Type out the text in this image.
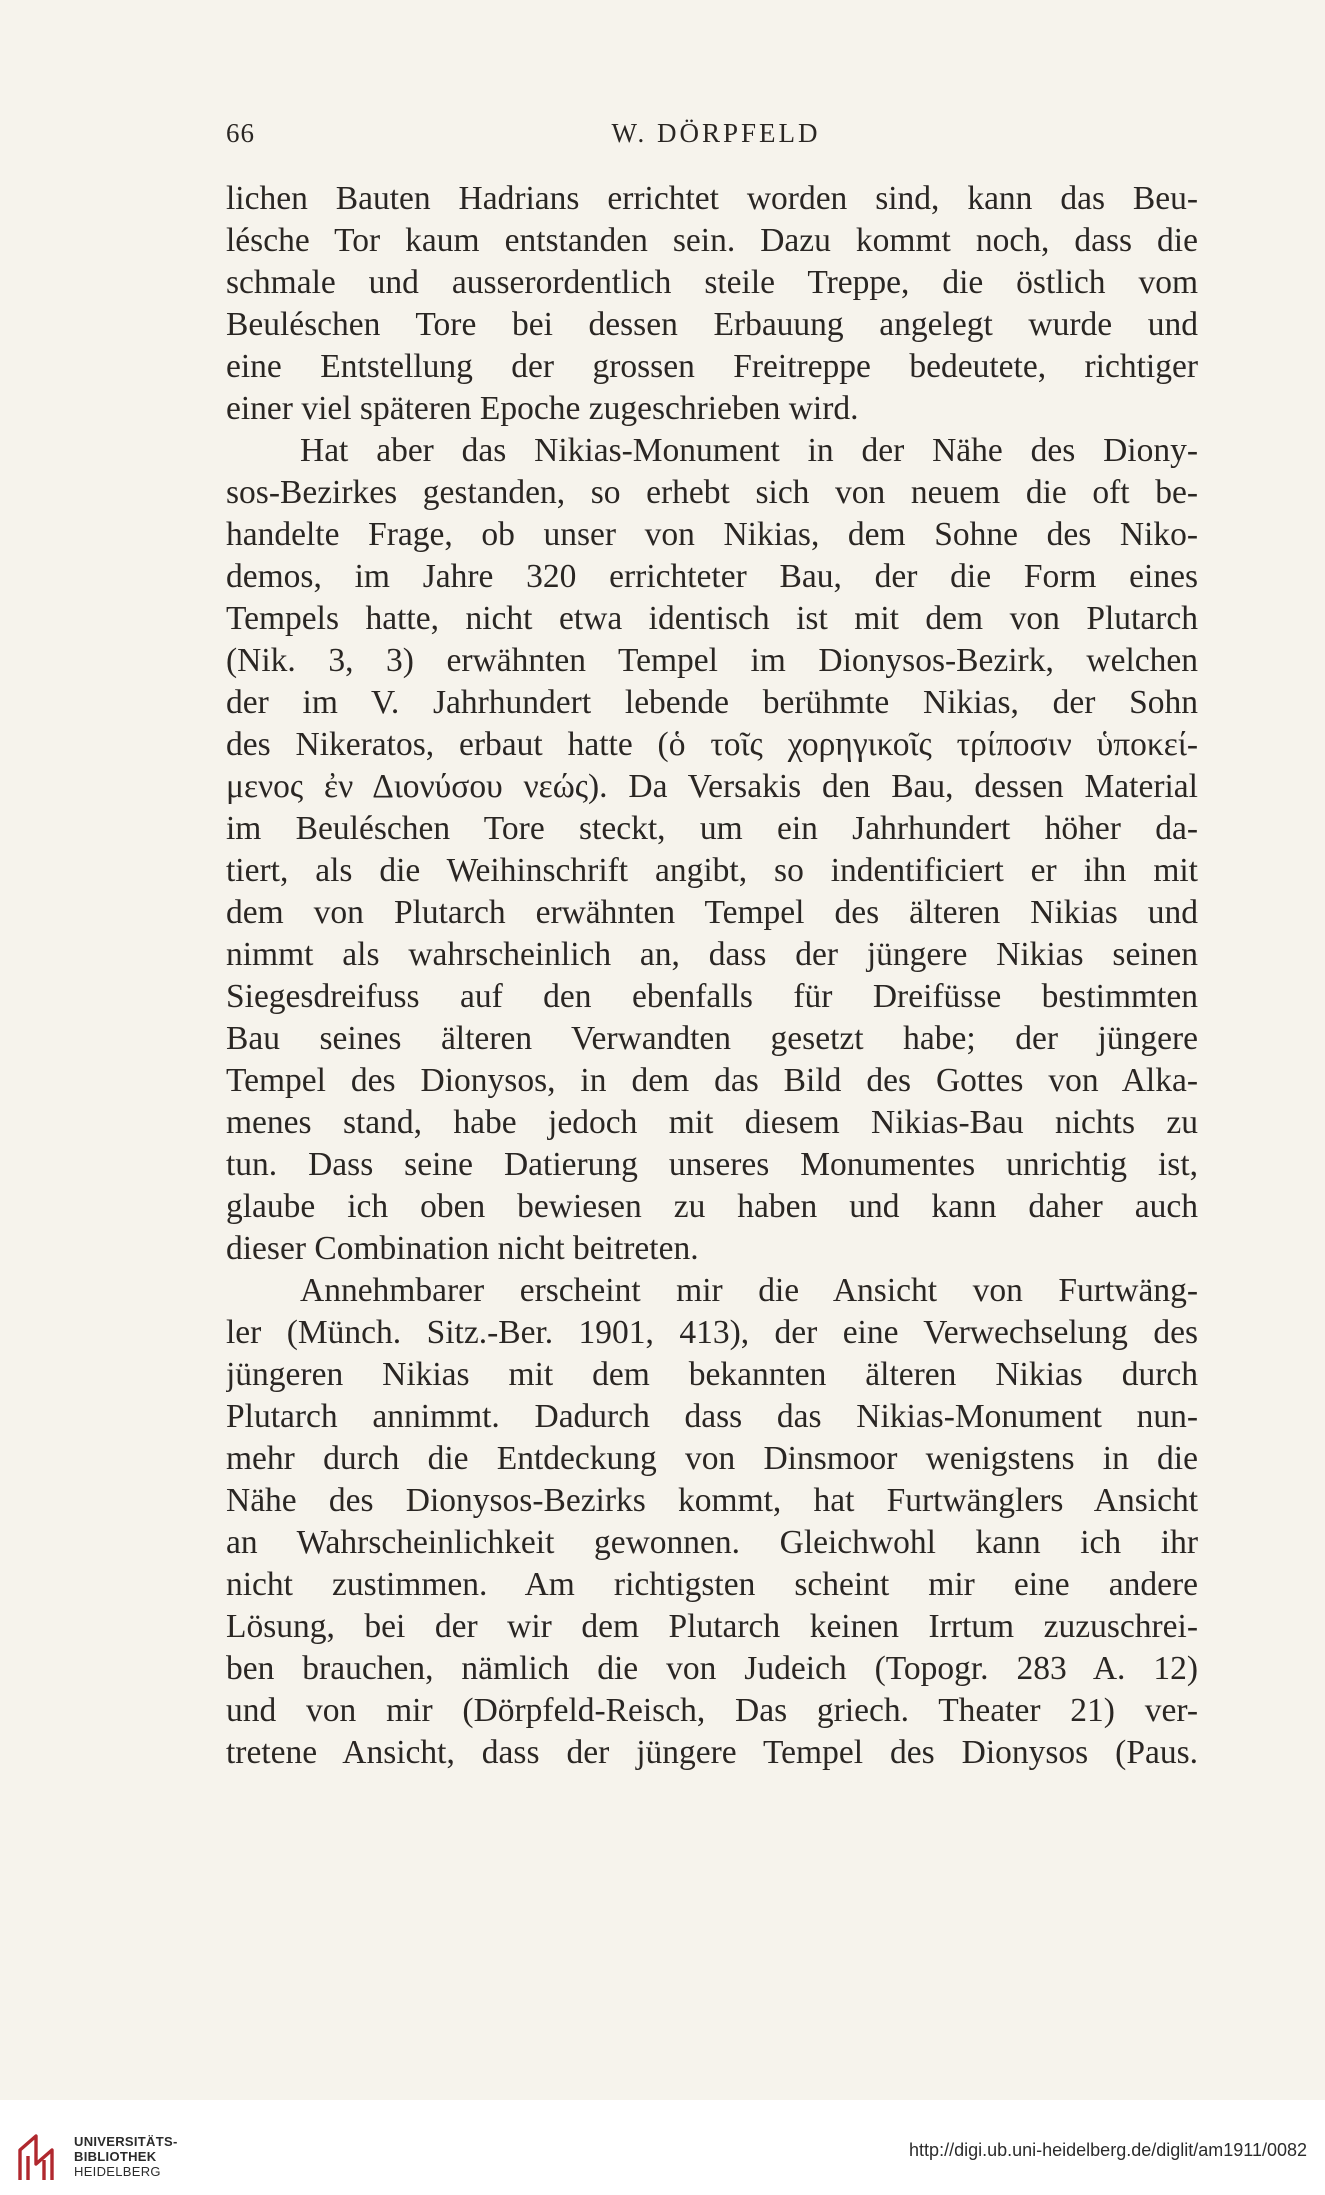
66	W. DÖRPFELD
lichen Bauten Hadrians errichtet worden sind, kann das Beu-
lésche Tor kaum entstanden sein. Dazu kommt noch, dass die
schmale und ausserordentlich steile Treppe, die östlich vom
Beuléschen Tore bei dessen Erbauung angelegt wurde und
eine Entstellung der grossen Freitreppe bedeutete, richtiger
einer viel späteren Epoche zugeschrieben wird.
Hat aber das Nikias-Monument in der Nähe des Diony-
sos-Bezirkes gestanden, so erhebt sich von neuem die oft be-
handelte Frage, ob unser von Nikias, dem Sohne des Niko-
demos, im Jahre 320 errichteter Bau, der die Form eines
Tempels hatte, nicht etwa identisch ist mit dem von Plutarch
(Nik. 3, 3) erwähnten Tempel im Dionysos-Bezirk, welchen
der im V. Jahrhundert lebende berühmte Nikias, der Sohn
des Nikeratos, erbaut hatte (ὁ τοῖς χορηγικοῖς τρίποσιν ὑποκεί-
μενος ἐν Διονύσου νεώς). Da Versakis den Bau, dessen Material
im Beuléschen Tore steckt, um ein Jahrhundert höher da-
tiert, als die Weihinschrift angibt, so indentificiert er ihn mit
dem von Plutarch erwähnten Tempel des älteren Nikias und
nimmt als wahrscheinlich an, dass der jüngere Nikias seinen
Siegesdreifuss auf den ebenfalls für Dreifüsse bestimmten
Bau seines älteren Verwandten gesetzt habe; der jüngere
Tempel des Dionysos, in dem das Bild des Gottes von Alka-
menes stand, habe jedoch mit diesem Nikias-Bau nichts zu
tun. Dass seine Datierung unseres Monumentes unrichtig ist,
glaube ich oben bewiesen zu haben und kann daher auch
dieser Combination nicht beitreten.
Annehmbarer erscheint mir die Ansicht von Furtwäng-
ler (Münch. Sitz.-Ber. 1901, 413), der eine Verwechselung des
jüngeren Nikias mit dem bekannten älteren Nikias durch
Plutarch annimmt. Dadurch dass das Nikias-Monument nun-
mehr durch die Entdeckung von Dinsmoor wenigstens in die
Nähe des Dionysos-Bezirks kommt, hat Furtwänglers Ansicht
an Wahrscheinlichkeit gewonnen. Gleichwohl kann ich ihr
nicht zustimmen. Am richtigsten scheint mir eine andere
Lösung, bei der wir dem Plutarch keinen Irrtum zuzuschrei-
ben brauchen, nämlich die von Judeich (Topogr. 283 A. 12)
und von mir (Dörpfeld-Reisch, Das griech. Theater 21) ver-
tretene Ansicht, dass der jüngere Tempel des Dionysos (Paus.
UNIVERSITÄTS-
BIBLIOTHEK
HEIDELBERG
http://digi.ub.uni-heidelberg.de/diglit/am1911/0082
